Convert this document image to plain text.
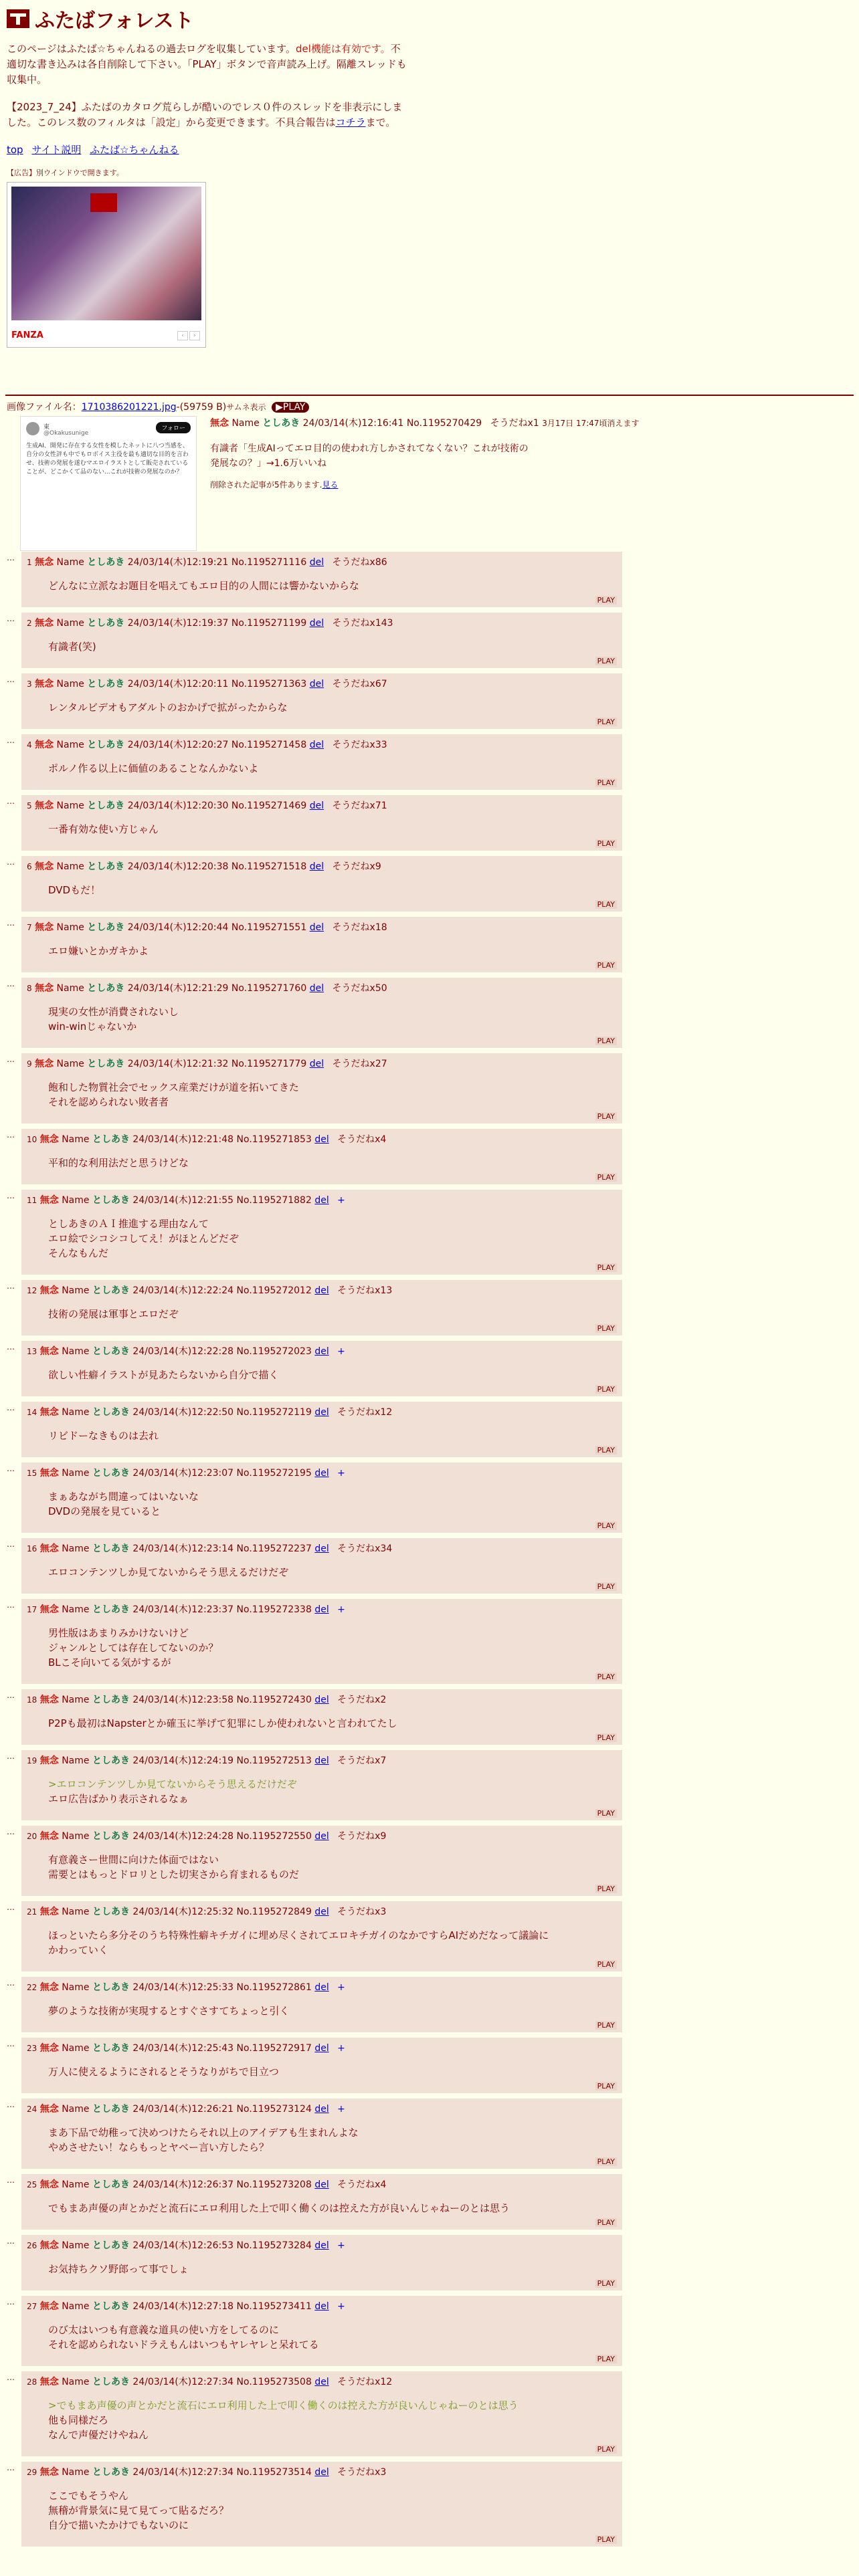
ふたばフォレスト
このページはふたば☆ちゃんねるの過去ログを収集しています。del機能は有効です。不適切な書き込みは各自削除して下さい。「PLAY」ボタンで音声読み上げ。隔離スレッドも収集中。
【2023_7_24】ふたばのカタログ荒らしが酷いのでレス０件のスレッドを非表示にしました。このレス数のフィルタは「設定」から変更できます。不具合報告はコチラまで。
top サイト説明 ふたば☆ちゃんねる
【広告】別ウインドウで開きます。
FANZA	‹	›
画像ファイル名：1710386201221.jpg-(59759 B)サムネ表示 ▶PLAY
東
@Okakusunige
フォロー
生成AI、開発に存在する女性を模したネットに八つ当感を、自分の女性評も中でもロボイス主役を最も適切な目的を言わせ、技術の発展を遂むマエロイラストとして販売されていることが、どこかくて品のない...これが技術の発展なのか？
無念 Name としあき 24/03/14(木)12:16:41 No.1195270429 そうだねx1 3月17日 17:47頃消えます
有識者「生成AIってエロ目的の使われ方しかされてなくない？これが技術の
発展なの？」→1.6万いいね
削除された記事が5件あります.見る
… 1 無念 Name としあき 24/03/14(木)12:19:21 No.1195271116 del そうだねx86
どんなに立派なお題目を唱えてもエロ目的の人間には響かないからな
PLAY
… 2 無念 Name としあき 24/03/14(木)12:19:37 No.1195271199 del そうだねx143
有識者(笑)
PLAY
… 3 無念 Name としあき 24/03/14(木)12:20:11 No.1195271363 del そうだねx67
レンタルビデオもアダルトのおかげで拡がったからな
PLAY
… 4 無念 Name としあき 24/03/14(木)12:20:27 No.1195271458 del そうだねx33
ポルノ作る以上に価値のあることなんかないよ
PLAY
… 5 無念 Name としあき 24/03/14(木)12:20:30 No.1195271469 del そうだねx71
一番有効な使い方じゃん
PLAY
… 6 無念 Name としあき 24/03/14(木)12:20:38 No.1195271518 del そうだねx9
DVDもだ！
PLAY
… 7 無念 Name としあき 24/03/14(木)12:20:44 No.1195271551 del そうだねx18
エロ嫌いとかガキかよ
PLAY
… 8 無念 Name としあき 24/03/14(木)12:21:29 No.1195271760 del そうだねx50
現実の女性が消費されないし
win-winじゃないか
PLAY
… 9 無念 Name としあき 24/03/14(木)12:21:32 No.1195271779 del そうだねx27
飽和した物質社会でセックス産業だけが道を拓いてきた
それを認められない敗者者
PLAY
… 10 無念 Name としあき 24/03/14(木)12:21:48 No.1195271853 del そうだねx4
平和的な利用法だと思うけどな
PLAY
… 11 無念 Name としあき 24/03/14(木)12:21:55 No.1195271882 del +
としあきのＡＩ推進する理由なんて
エロ絵でシコシコしてえ！がほとんどだぞ
そんなもんだ
PLAY
… 12 無念 Name としあき 24/03/14(木)12:22:24 No.1195272012 del そうだねx13
技術の発展は軍事とエロだぞ
PLAY
… 13 無念 Name としあき 24/03/14(木)12:22:28 No.1195272023 del +
欲しい性癖イラストが見あたらないから自分で描く
PLAY
… 14 無念 Name としあき 24/03/14(木)12:22:50 No.1195272119 del そうだねx12
リビドーなきものは去れ
PLAY
… 15 無念 Name としあき 24/03/14(木)12:23:07 No.1195272195 del +
まぁあながち間違ってはいないな
DVDの発展を見ていると
PLAY
… 16 無念 Name としあき 24/03/14(木)12:23:14 No.1195272237 del そうだねx34
エロコンテンツしか見てないからそう思えるだけだぞ
PLAY
… 17 無念 Name としあき 24/03/14(木)12:23:37 No.1195272338 del +
男性版はあまりみかけないけど
ジャンルとしては存在してないのか？
BLこそ向いてる気がするが
PLAY
… 18 無念 Name としあき 24/03/14(木)12:23:58 No.1195272430 del そうだねx2
P2Pも最初はNapsterとか確玉に挙げて犯罪にしか使われないと言われてたし
PLAY
… 19 無念 Name としあき 24/03/14(木)12:24:19 No.1195272513 del そうだねx7
>エロコンテンツしか見てないからそう思えるだけだぞ
エロ広告ばかり表示されるなぁ
PLAY
… 20 無念 Name としあき 24/03/14(木)12:24:28 No.1195272550 del そうだねx9
有意義さー世間に向けた体面ではない
需要とはもっとドロリとした切実さから育まれるものだ
PLAY
… 21 無念 Name としあき 24/03/14(木)12:25:32 No.1195272849 del そうだねx3
ほっといたら多分そのうち特殊性癖キチガイに埋め尽くされてエロキチガイのなかですらAIだめだなって議論に
かわっていく
PLAY
… 22 無念 Name としあき 24/03/14(木)12:25:33 No.1195272861 del +
夢のような技術が実現するとすぐさすてちょっと引く
PLAY
… 23 無念 Name としあき 24/03/14(木)12:25:43 No.1195272917 del +
万人に使えるようにされるとそうなりがちで目立つ
PLAY
… 24 無念 Name としあき 24/03/14(木)12:26:21 No.1195273124 del +
まあ下品で幼稚って決めつけたらそれ以上のアイデアも生まれんよな
やめさせたい！ならもっとヤベー言い方したら？
PLAY
… 25 無念 Name としあき 24/03/14(木)12:26:37 No.1195273208 del そうだねx4
でもまあ声優の声とかだと流石にエロ利用した上で叩く働くのは控えた方が良いんじゃねーのとは思う
PLAY
… 26 無念 Name としあき 24/03/14(木)12:26:53 No.1195273284 del +
お気持ちクソ野郎って事でしょ
PLAY
… 27 無念 Name としあき 24/03/14(木)12:27:18 No.1195273411 del +
のび太はいつも有意義な道具の使い方をしてるのに
それを認められないドラえもんはいつもヤレヤレと呆れてる
PLAY
… 28 無念 Name としあき 24/03/14(木)12:27:34 No.1195273508 del そうだねx12
>でもまあ声優の声とかだと流石にエロ利用した上で叩く働くのは控えた方が良いんじゃねーのとは思う
他も同様だろ
なんで声優だけやねん
PLAY
… 29 無念 Name としあき 24/03/14(木)12:27:34 No.1195273514 del そうだねx3
ここでもそうやん
無稽が背景気に見て見てって貼るだろ？
自分で描いたかけでもないのに
PLAY
